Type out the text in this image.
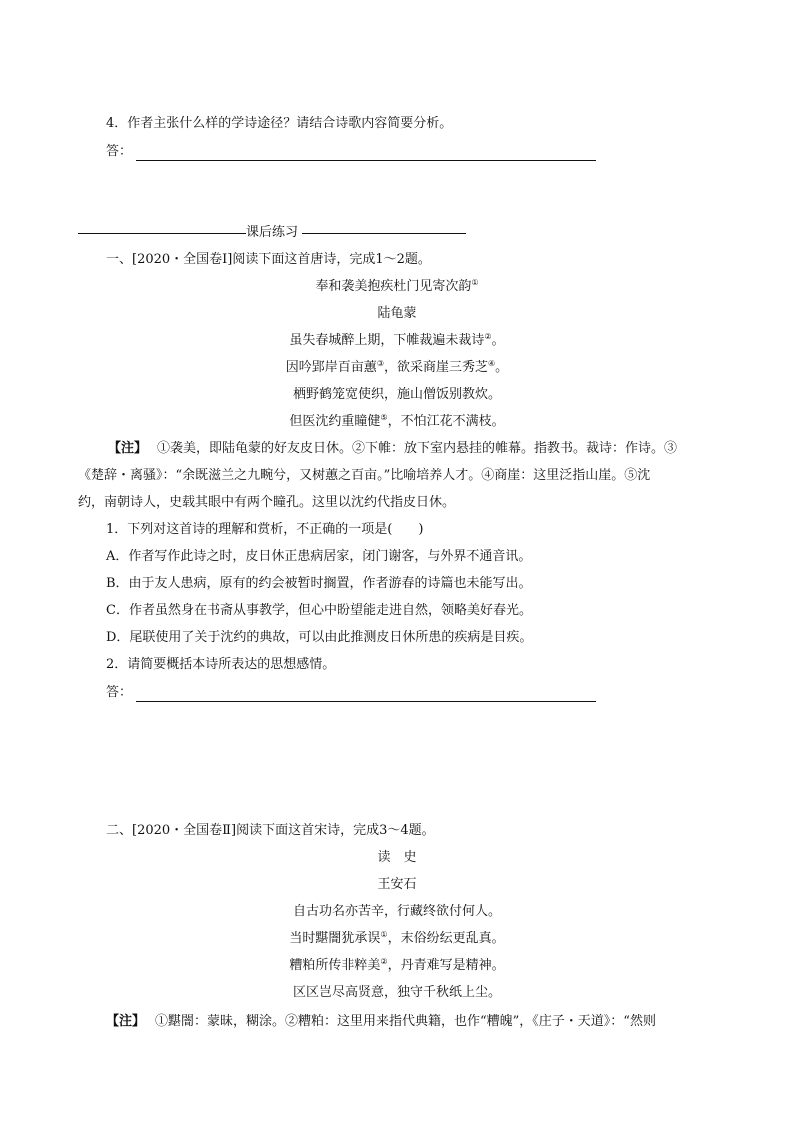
4．作者主张什么样的学诗途径？请结合诗歌内容简要分析。
答：
课后练习
一、[2020・全国卷Ⅰ]阅读下面这首唐诗，完成1～2题。
奉和袭美抱疾杜门见寄次韵①
陆龟蒙
虽失春城醉上期，下帷裁遍未裁诗②。
因吟郢岸百亩蕙③，欲采商崖三秀芝④。
栖野鹤笼宽使织，施山僧饭别教炊。
但医沈约重瞳健⑤，不怕江花不满枝。
【注】 ①袭美，即陆龟蒙的好友皮日休。②下帷：放下室内悬挂的帷幕。指教书。裁诗：作诗。③
《楚辞・离骚》：“余既滋兰之九畹兮，又树蕙之百亩。”比喻培养人才。④商崖：这里泛指山崖。⑤沈
约，南朝诗人，史载其眼中有两个瞳孔。这里以沈约代指皮日休。
1．下列对这首诗的理解和赏析，不正确的一项是(　　)
A．作者写作此诗之时，皮日休正患病居家，闭门谢客，与外界不通音讯。
B．由于友人患病，原有的约会被暂时搁置，作者游春的诗篇也未能写出。
C．作者虽然身在书斋从事教学，但心中盼望能走进自然，领略美好春光。
D．尾联使用了关于沈约的典故，可以由此推测皮日休所患的疾病是目疾。
2．请简要概括本诗所表达的思想感情。
答：
二、[2020・全国卷Ⅱ]阅读下面这首宋诗，完成3～4题。
读　史
王安石
自古功名亦苦辛，行藏终欲付何人。
当时黮闇犹承误①，末俗纷纭更乱真。
糟粕所传非粹美②，丹青难写是精神。
区区岂尽高贤意，独守千秋纸上尘。
【注】 ①黮闇：蒙昧，糊涂。②糟粕：这里用来指代典籍，也作“糟魄”，《庄子・天道》：“然则
